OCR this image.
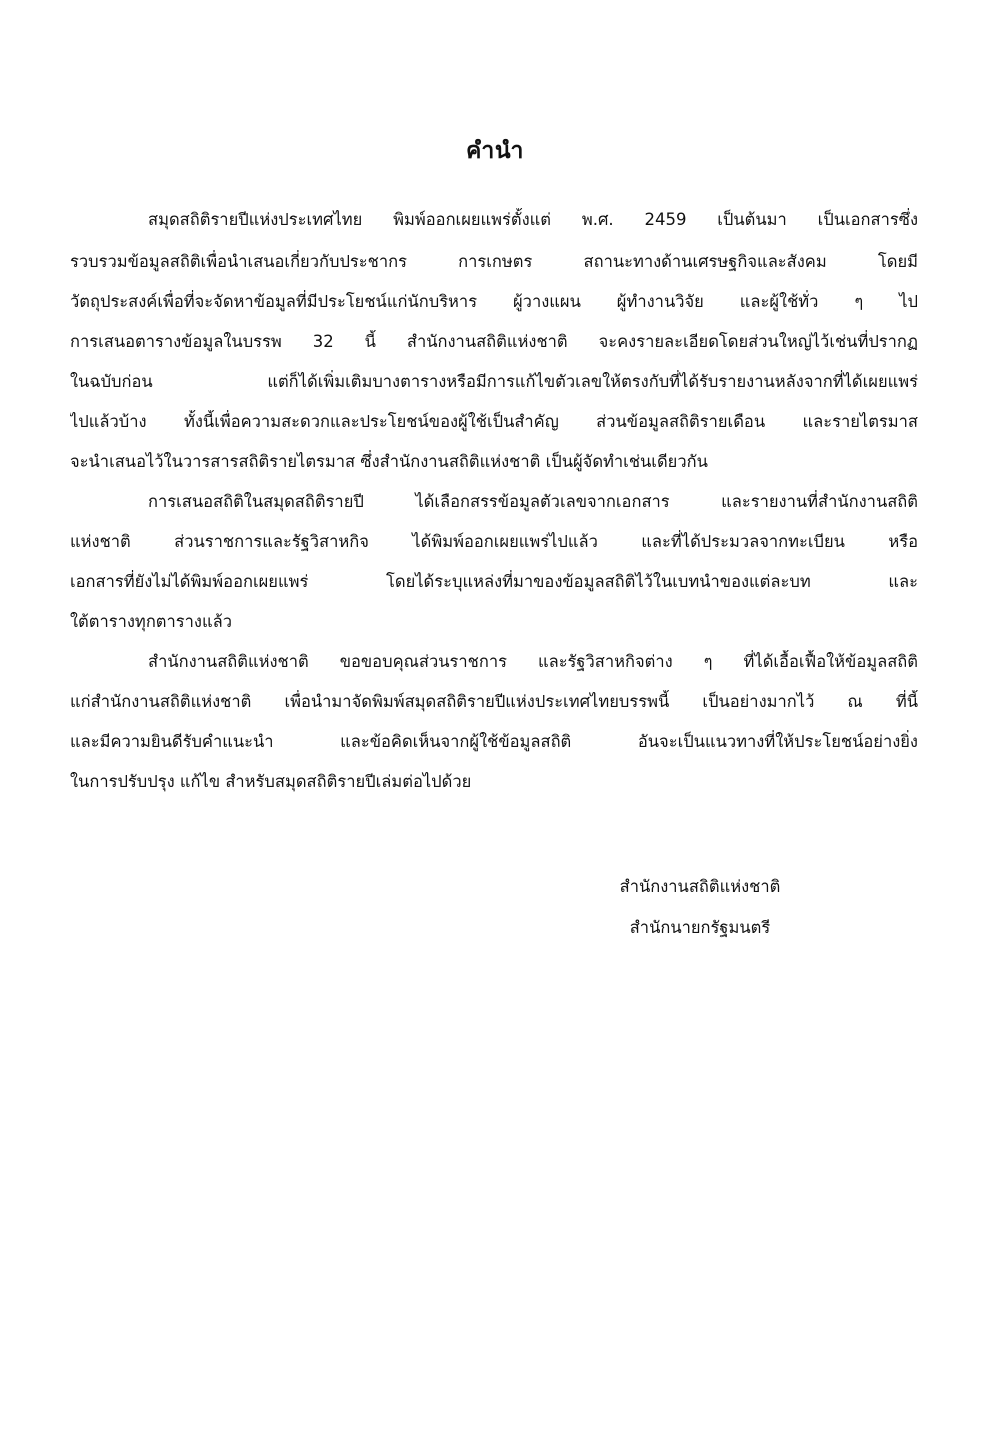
คำนำ
สมุดสถิติรายปีแห่งประเทศไทย พิมพ์ออกเผยแพร่ตั้งแต่ พ.ศ. 2459 เป็นต้นมา เป็นเอกสารซึ่ง
รวบรวมข้อมูลสถิติเพื่อนำเสนอเกี่ยวกับประชากร การเกษตร สถานะทางด้านเศรษฐกิจและสังคม โดยมี
วัตถุประสงค์เพื่อที่จะจัดหาข้อมูลที่มีประโยชน์แก่นักบริหาร ผู้วางแผน ผู้ทำงานวิจัย และผู้ใช้ทั่ว ๆ ไป
การเสนอตารางข้อมูลในบรรพ 32 นี้ สำนักงานสถิติแห่งชาติ จะคงรายละเอียดโดยส่วนใหญ่ไว้เช่นที่ปรากฏ
ในฉบับก่อน แต่ก็ได้เพิ่มเติมบางตารางหรือมีการแก้ไขตัวเลขให้ตรงกับที่ได้รับรายงานหลังจากที่ได้เผยแพร่
ไปแล้วบ้าง ทั้งนี้เพื่อความสะดวกและประโยชน์ของผู้ใช้เป็นสำคัญ ส่วนข้อมูลสถิติรายเดือน และรายไตรมาส
จะนำเสนอไว้ในวารสารสถิติรายไตรมาส ซึ่งสำนักงานสถิติแห่งชาติ เป็นผู้จัดทำเช่นเดียวกัน
การเสนอสถิติในสมุดสถิติรายปี ได้เลือกสรรข้อมูลตัวเลขจากเอกสาร และรายงานที่สำนักงานสถิติ
แห่งชาติ ส่วนราชการและรัฐวิสาหกิจ ได้พิมพ์ออกเผยแพร่ไปแล้ว และที่ได้ประมวลจากทะเบียน หรือ
เอกสารที่ยังไม่ได้พิมพ์ออกเผยแพร่ โดยได้ระบุแหล่งที่มาของข้อมูลสถิติไว้ในเบทนำของแต่ละบท และ
ใต้ตารางทุกตารางแล้ว
สำนักงานสถิติแห่งชาติ ขอขอบคุณส่วนราชการ และรัฐวิสาหกิจต่าง ๆ ที่ได้เอื้อเฟื้อให้ข้อมูลสถิติ
แก่สำนักงานสถิติแห่งชาติ เพื่อนำมาจัดพิมพ์สมุดสถิติรายปีแห่งประเทศไทยบรรพนี้ เป็นอย่างมากไว้ ณ ที่นี้
และมีความยินดีรับคำแนะนำ และข้อคิดเห็นจากผู้ใช้ข้อมูลสถิติ อันจะเป็นแนวทางที่ให้ประโยชน์อย่างยิ่ง
ในการปรับปรุง แก้ไข สำหรับสมุดสถิติรายปีเล่มต่อไปด้วย
สำนักงานสถิติแห่งชาติ
สำนักนายกรัฐมนตรี
